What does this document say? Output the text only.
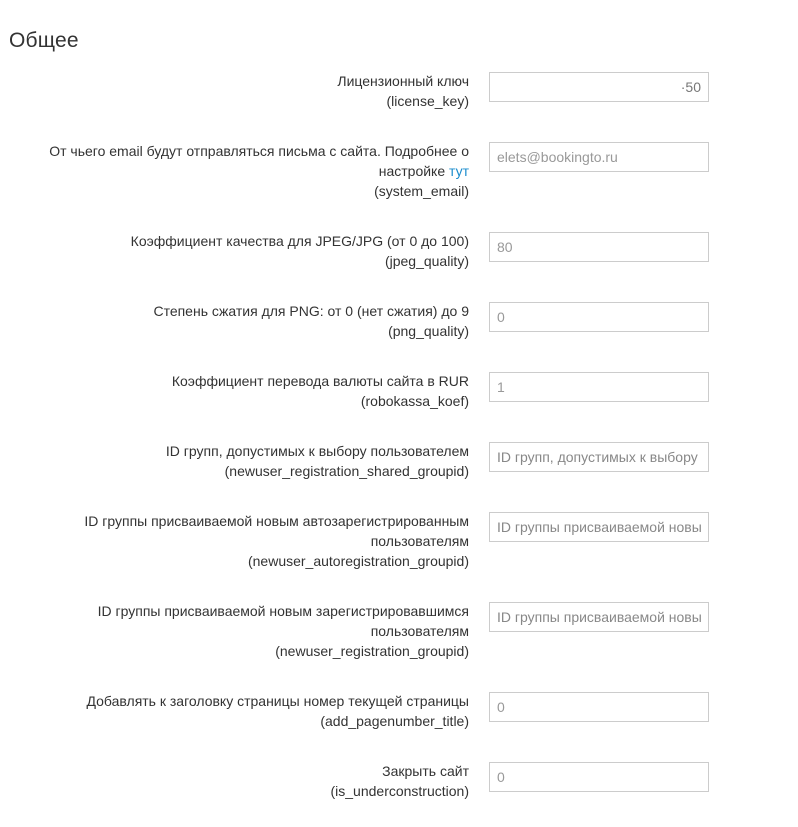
Общее
Лицензионный ключ
(license_key)
·50
От чьего email будут отправляться письма с сайта. Подробнее о настройке тут
(system_email)
elets@bookingto.ru
Коэффициент качества для JPEG/JPG (от 0 до 100)
(jpeg_quality)
80
Степень сжатия для PNG: от 0 (нет сжатия) до 9
(png_quality)
0
Коэффициент перевода валюты сайта в RUR
(robokassa_koef)
1
ID групп, допустимых к выбору пользователем
(newuser_registration_shared_groupid)
ID групп, допустимых к выбору
ID группы присваиваемой новым автозарегистрированным пользователям
(newuser_autoregistration_groupid)
ID группы присваиваемой новы
ID группы присваиваемой новым зарегистрировавшимся пользователям
(newuser_registration_groupid)
ID группы присваиваемой новы
Добавлять к заголовку страницы номер текущей страницы
(add_pagenumber_title)
0
Закрыть сайт
(is_underconstruction)
0
